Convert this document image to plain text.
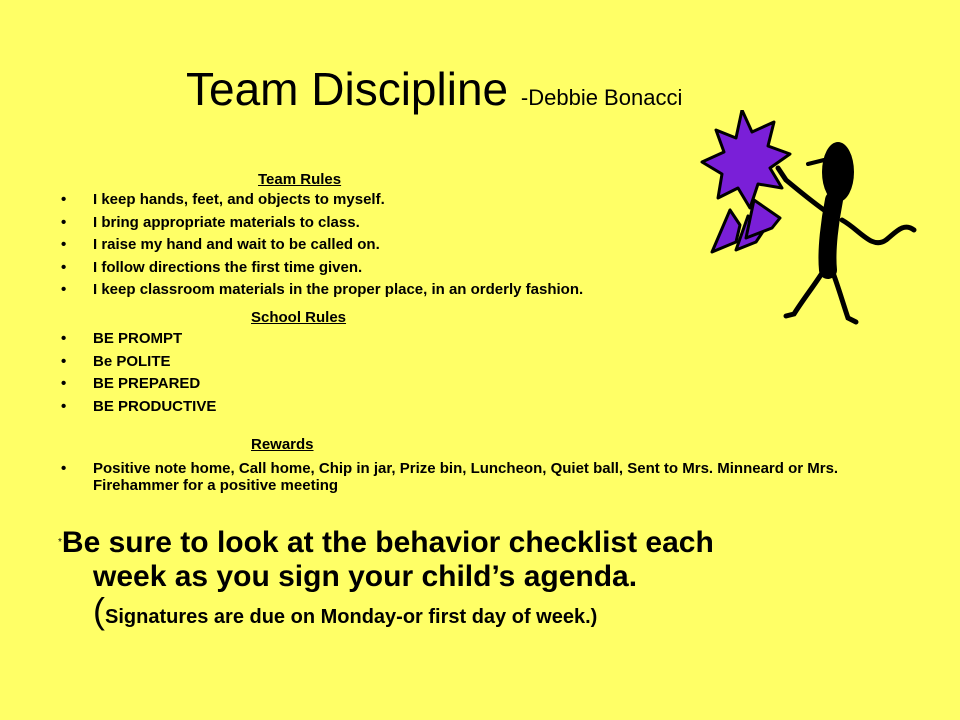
Team Discipline -Debbie Bonacci
Team Rules
• I keep hands, feet, and objects to myself.
• I bring appropriate materials to class.
• I raise my hand and wait to be called on.
• I follow directions the first time given.
• I keep classroom materials in the proper place, in an orderly fashion.
School Rules
• BE PROMPT
• Be POLITE
• BE PREPARED
• BE PRODUCTIVE
Rewards
• Positive note home, Call home, Chip in jar, Prize bin, Luncheon, Quiet ball, Sent to Mrs. Minneard or Mrs. Firehammer for a positive meeting
*Be sure to look at the behavior checklist each
week as you sign your child’s agenda.
(Signatures are due on Monday-or first day of week.)
